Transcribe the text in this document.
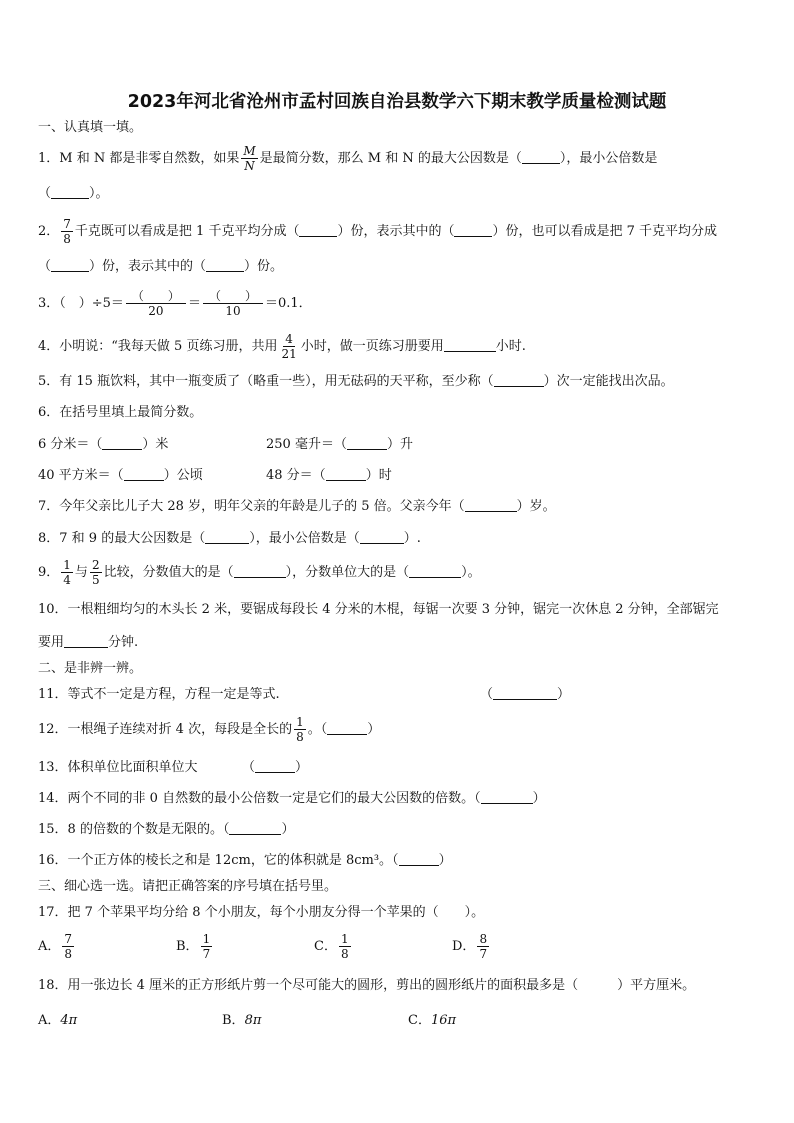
2023年河北省沧州市孟村回族自治县数学六下期末教学质量检测试题
一、认真填一填。
1．M 和 N 都是非零自然数，如果 $\frac{M}{N}$ 是最简分数，那么 M 和 N 的最大公因数是（	），最小公倍数是
（	）。
2． $\frac{7}{8}$ 千克既可以看成是把 1 千克平均分成（	）份，表示其中的（	）份，也可以看成是把 7 千克平均分成
（	）份，表示其中的（	）份。
3．（　）$\div 5= \frac{( )}{20} = \frac{( )}{10} =0.1$．
4．小明说：“我每天做 5 页练习册，共用 $\frac{4}{21}$ 小时，做一页练习册要用	小时.
5．有 15 瓶饮料，其中一瓶变质了（略重一些），用无砝码的天平称，至少称（	）次一定能找出次品。
6．在括号里填上最简分数。
6 分米＝（	）米	250 毫升＝（	）升
40 平方米＝（	）公顷	48 分＝（	）时
7．今年父亲比儿子大 28 岁，明年父亲的年龄是儿子的 5 倍。父亲今年（	）岁。
8．7 和 9 的最大公因数是（	），最小公倍数是（	）.
9． $\frac{1}{4}$ 与 $\frac{2}{5}$ 比较，分数值大的是（	），分数单位大的是（	）。
10．一根粗细均匀的木头长 2 米，要锯成每段长 4 分米的木棍，每锯一次要 3 分钟，锯完一次休息 2 分钟，全部锯完
要用	分钟.
二、是非辨一辨。
11．等式不一定是方程，方程一定是等式.	（	）
12．一根绳子连续对折 4 次，每段是全长的 $\frac{1}{8}$ 。（	）
13．体积单位比面积单位大	（	）
14．两个不同的非 0 自然数的最小公倍数一定是它们的最大公因数的倍数。（	）
15．8 的倍数的个数是无限的。（	）
16．一个正方体的棱长之和是 12cm，它的体积就是 8cm³。（	）
三、细心选一选。请把正确答案的序号填在括号里。
17．把 7 个苹果平均分给 8 个小朋友，每个小朋友分得一个苹果的（　　）。
A． $\frac{7}{8}$	B． $\frac{1}{7}$	C． $\frac{1}{8}$	D． $\frac{8}{7}$
18．用一张边长 4 厘米的正方形纸片剪一个尽可能大的圆形，剪出的圆形纸片的面积最多是（　　　）平方厘米。
A．4π	B．8π	C．16π
